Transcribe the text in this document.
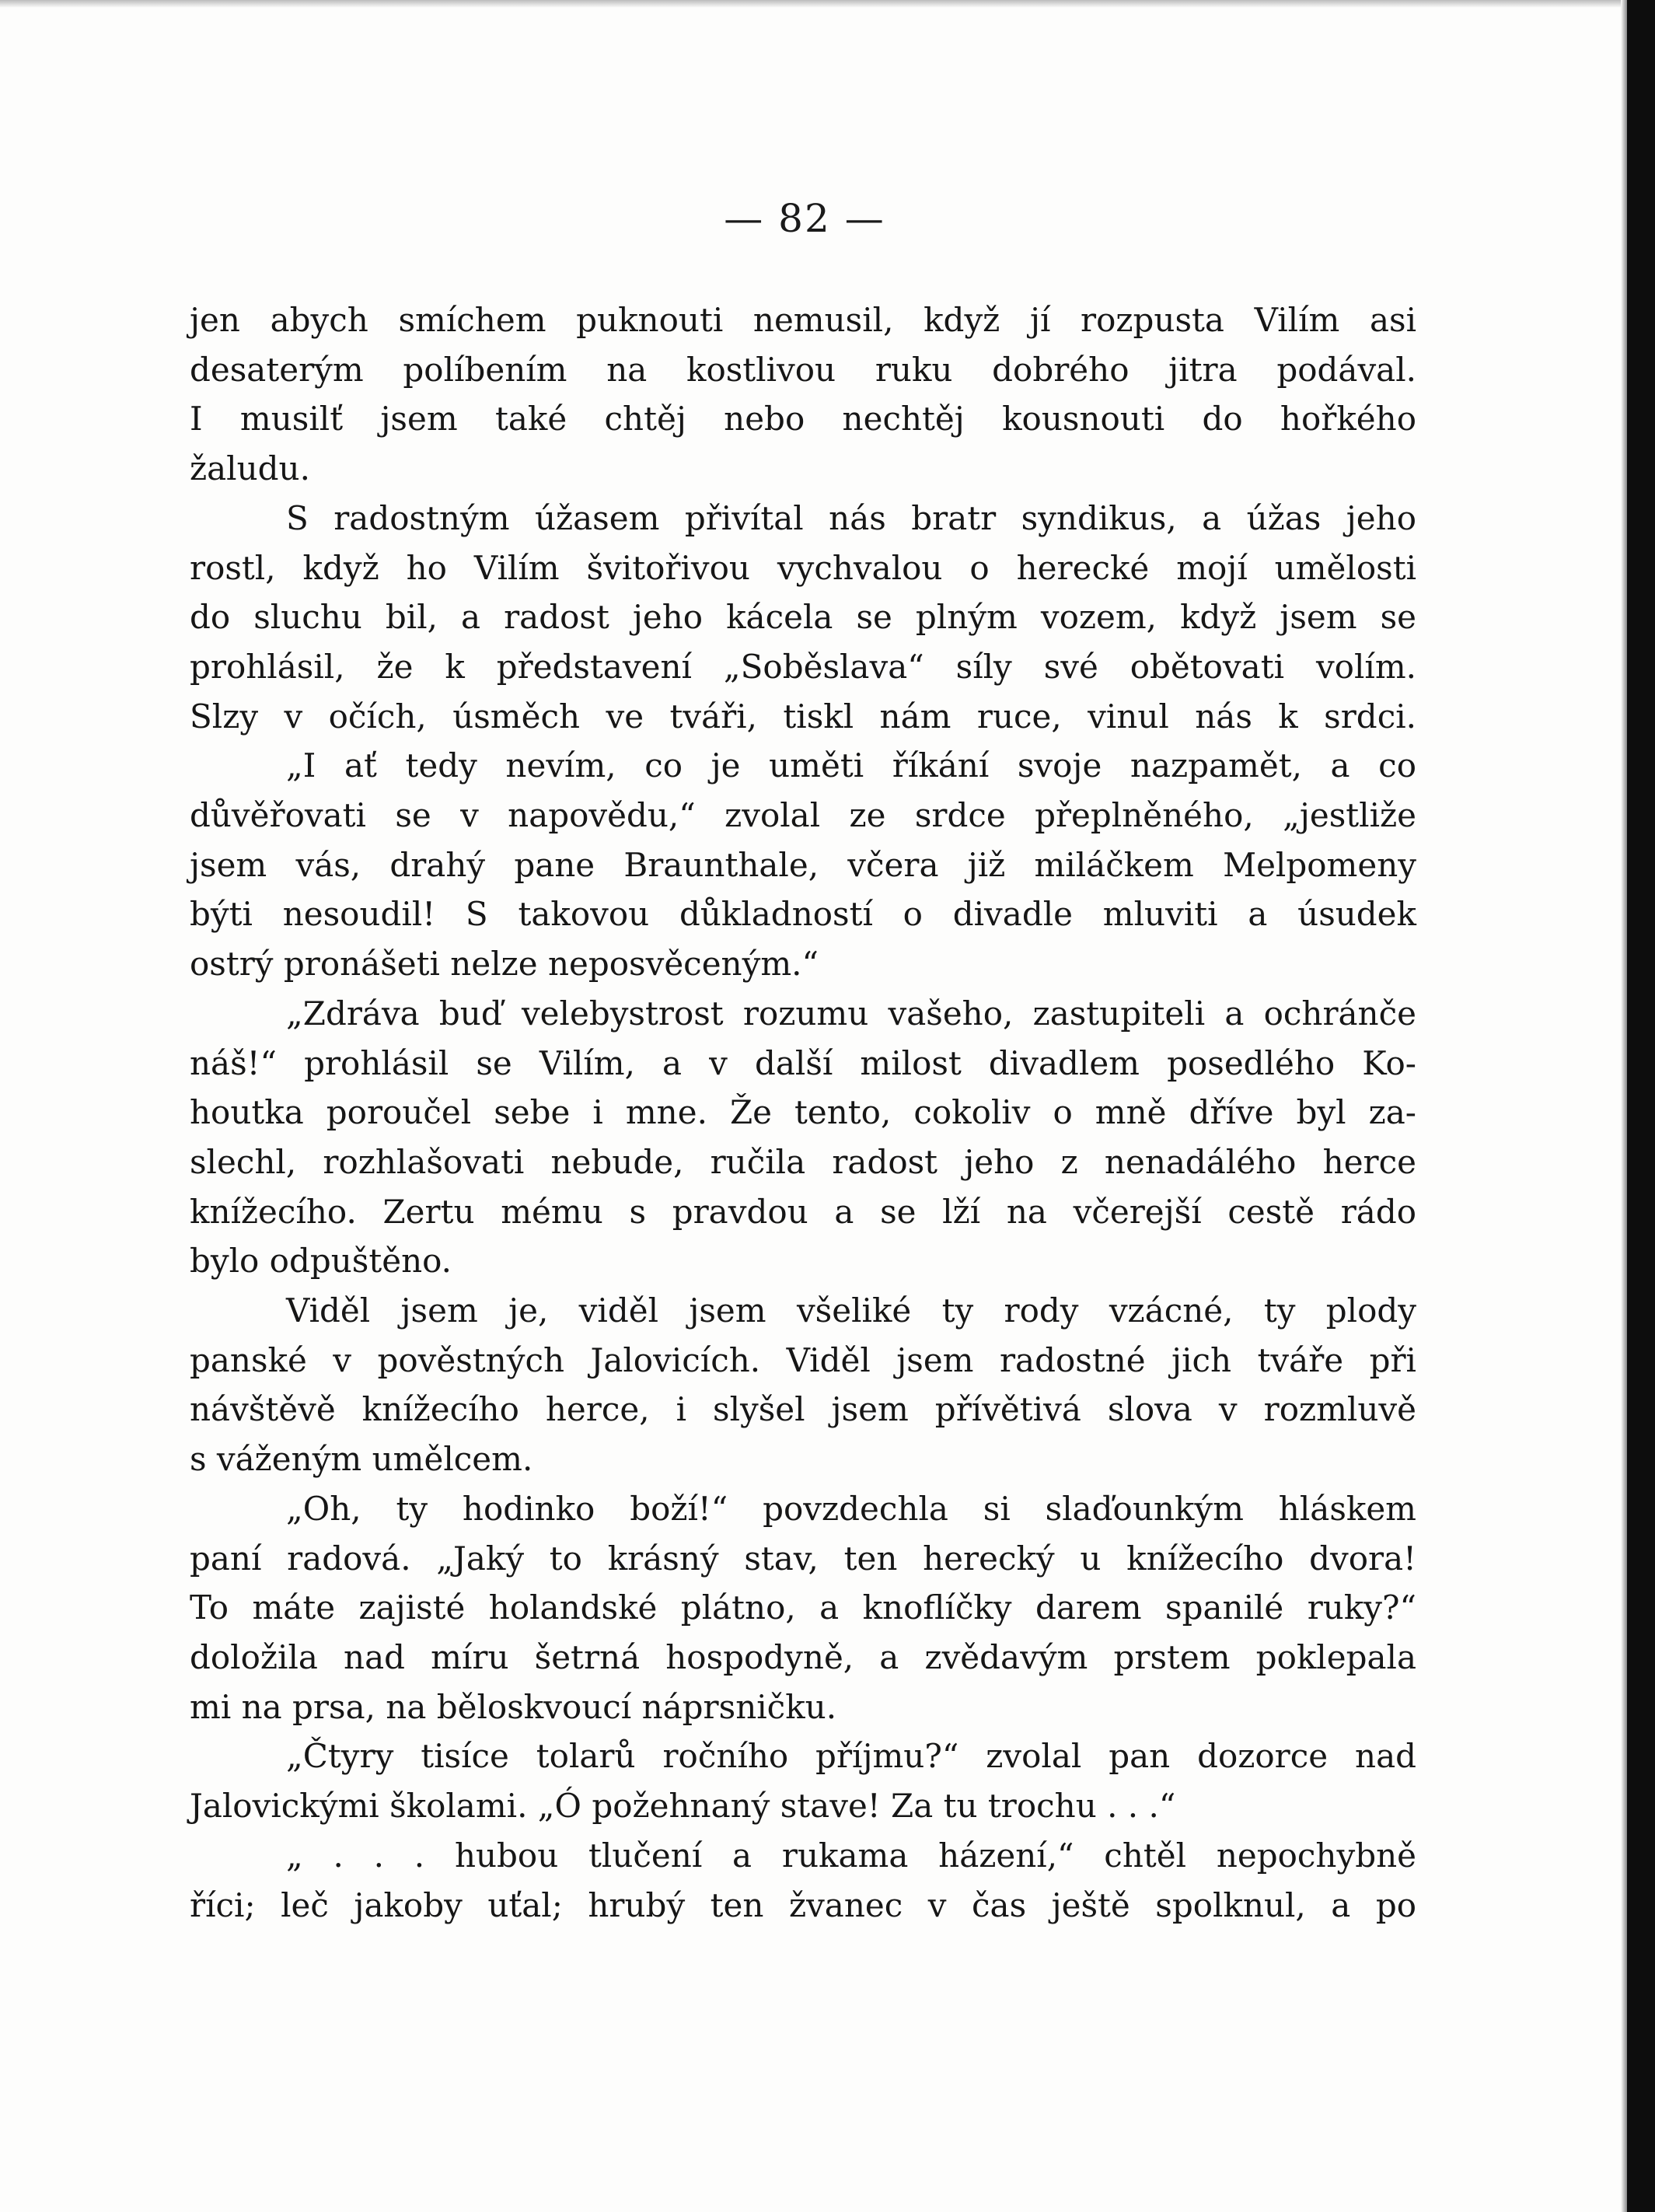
— 82 —

jen abych smíchem puknouti nemusil, když jí rozpusta Vilím asi

desaterým políbením na kostlivou ruku dobrého jitra podával.

I musilť jsem také chtěj nebo nechtěj kousnouti do hořkého

žaludu.

S radostným úžasem přivítal nás bratr syndikus, a úžas jeho

rostl, když ho Vilím švitořivou vychvalou o herecké mojí umělosti

do sluchu bil, a radost jeho kácela se plným vozem, když jsem se

prohlásil, že k představení „Soběslava“ síly své obětovati volím.

Slzy v očích, úsměch ve tváři, tiskl nám ruce, vinul nás k srdci.

„I ať tedy nevím, co je uměti říkání svoje nazpamět, a co

důvěřovati se v napovědu,“ zvolal ze srdce přeplněného, „jestliže

jsem vás, drahý pane Braunthale, včera již miláčkem Melpomeny

býti nesoudil! S takovou důkladností o divadle mluviti a úsudek

ostrý pronášeti nelze neposvěceným.“

„Zdráva buď velebystrost rozumu vašeho, zastupiteli a ochránče

náš!“ prohlásil se Vilím, a v další milost divadlem posedlého Ko-

houtka poroučel sebe i mne. Že tento, cokoliv o mně dříve byl za-

slechl, rozhlašovati nebude, ručila radost jeho z nenadálého herce

knížecího. Zertu mému s pravdou a se lží na včerejší cestě rádo

bylo odpuštěno.

Viděl jsem je, viděl jsem všeliké ty rody vzácné, ty plody

panské v pověstných Jalovicích. Viděl jsem radostné jich tváře při

návštěvě knížecího herce, i slyšel jsem přívětivá slova v rozmluvě

s váženým umělcem.

„Oh, ty hodinko boží!“ povzdechla si slaďounkým hláskem

paní radová. „Jaký to krásný stav, ten herecký u knížecího dvora!

To máte zajisté holandské plátno, a knoflíčky darem spanilé ruky?“

doložila nad míru šetrná hospodyně, a zvědavým prstem poklepala

mi na prsa, na běloskvoucí náprsničku.

„Čtyry tisíce tolarů ročního příjmu?“ zvolal pan dozorce nad

Jalovickými školami. „Ó požehnaný stave! Za tu trochu . . .“

„ . . . hubou tlučení a rukama házení,“ chtěl nepochybně

říci; leč jakoby uťal; hrubý ten žvanec v čas ještě spolknul, a po
